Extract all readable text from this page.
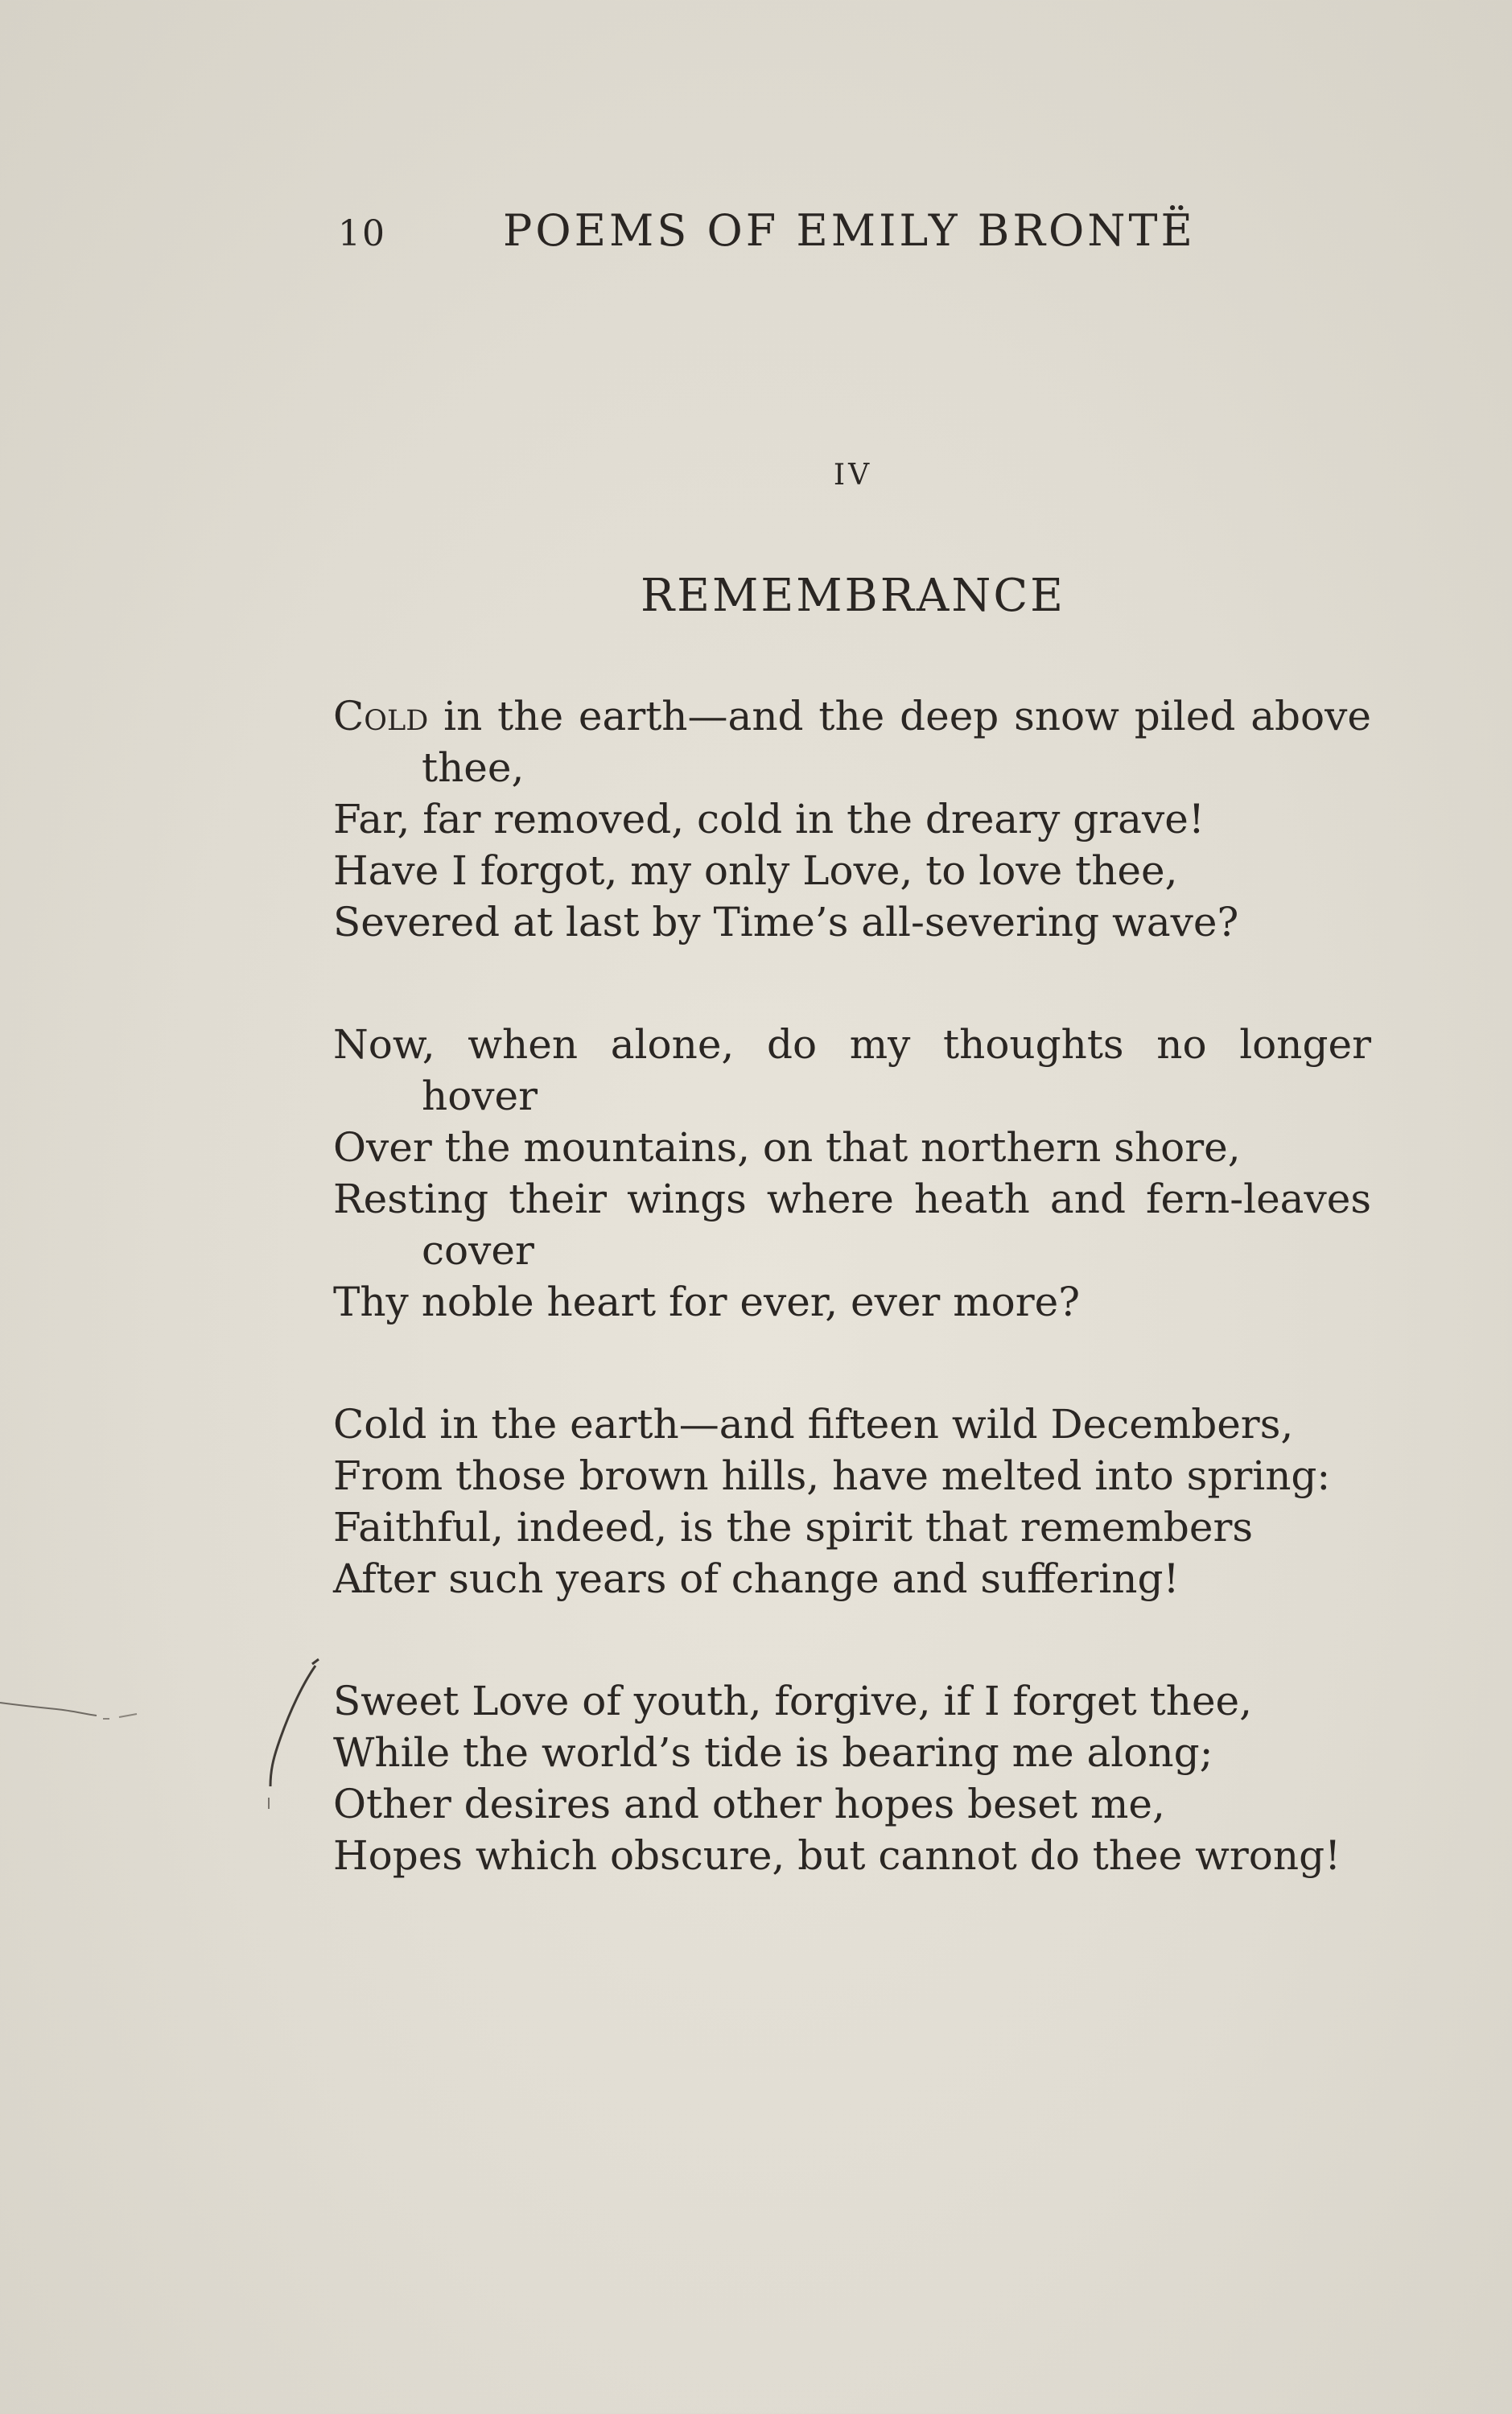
10	POEMS OF EMILY BRONTË
IV
REMEMBRANCE
Cold in the earth—and the deep snow piled above
thee,
Far, far removed, cold in the dreary grave!
Have I forgot, my only Love, to love thee,
Severed at last by Time’s all-severing wave?
Now, when alone, do my thoughts no longer
hover
Over the mountains, on that northern shore,
Resting their wings where heath and fern-leaves
cover
Thy noble heart for ever, ever more?
Cold in the earth—and fifteen wild Decembers,
From those brown hills, have melted into spring:
Faithful, indeed, is the spirit that remembers
After such years of change and suffering!
Sweet Love of youth, forgive, if I forget thee,
While the world’s tide is bearing me along;
Other desires and other hopes beset me,
Hopes which obscure, but cannot do thee wrong!
